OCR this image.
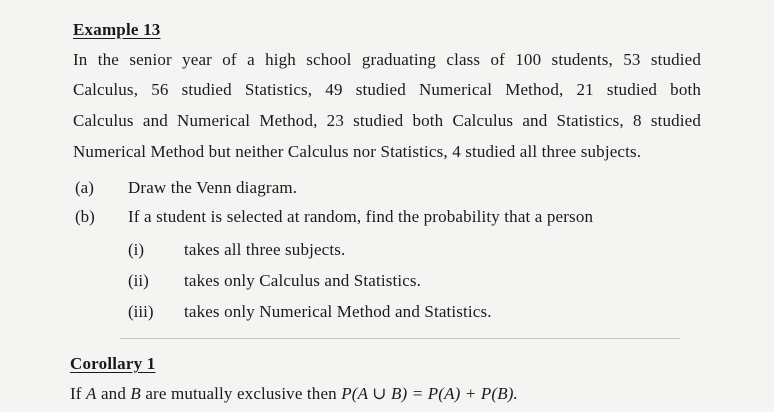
Example 13
In the senior year of a high school graduating class of 100 students, 53 studied
Calculus, 56 studied Statistics, 49 studied Numerical Method, 21 studied both
Calculus and Numerical Method, 23 studied both Calculus and Statistics, 8 studied
Numerical Method but neither Calculus nor Statistics, 4 studied all three subjects.
(a) Draw the Venn diagram.
(b) If a student is selected at random, find the probability that a person
(i) takes all three subjects.
(ii) takes only Calculus and Statistics.
(iii) takes only Numerical Method and Statistics.
Corollary 1
If A and B are mutually exclusive then P(A ∪ B) = P(A) + P(B).
